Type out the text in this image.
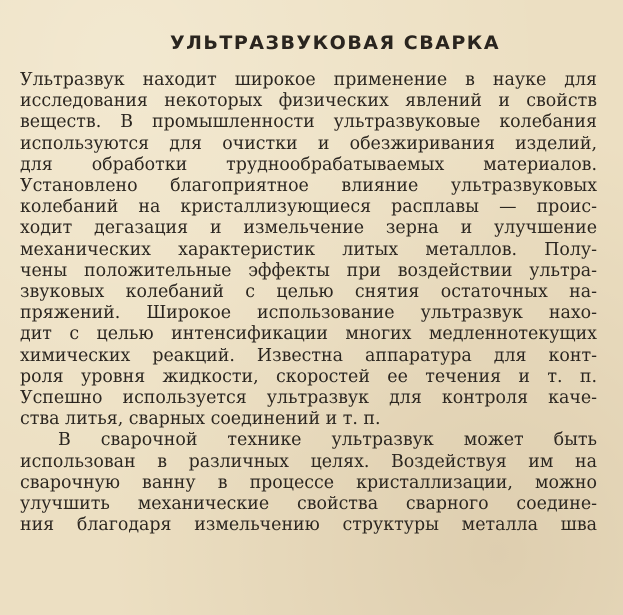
УЛЬТРАЗВУКОВАЯ СВАРКА
Ультразвук находит широкое применение в науке для
исследования некоторых физических явлений и свойств
веществ. В промышленности ультразвуковые колебания
используются для очистки и обезжиривания изделий,
для обработки труднообрабатываемых материалов.
Установлено благоприятное влияние ультразвуковых
колебаний на кристаллизующиеся расплавы — проис-
ходит дегазация и измельчение зерна и улучшение
механических характеристик литых металлов. Полу-
чены положительные эффекты при воздействии ультра-
звуковых колебаний с целью снятия остаточных на-
пряжений. Широкое использование ультразвук нахо-
дит с целью интенсификации многих медленнотекущих
химических реакций. Известна аппаратура для конт-
роля уровня жидкости, скоростей ее течения и т. п.
Успешно используется ультразвук для контроля каче-
ства литья, сварных соединений и т. п.
В сварочной технике ультразвук может быть
использован в различных целях. Воздействуя им на
сварочную ванну в процессе кристаллизации, можно
улучшить механические свойства сварного соедине-
ния благодаря измельчению структуры металла шва
